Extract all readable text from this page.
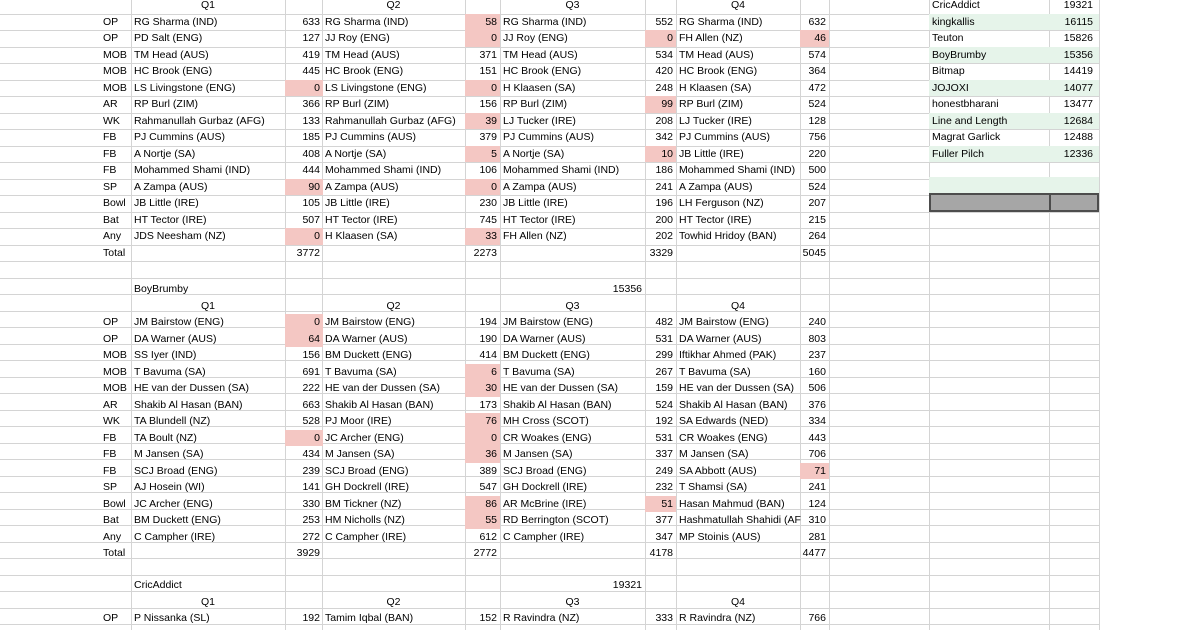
Q1	Q2	Q3	Q4
OP	RG Sharma (IND)	633 RG Sharma (IND)	58 RG Sharma (IND)	552 RG Sharma (IND)	632
OP	PD Salt (ENG)	127 JJ Roy (ENG)	0 JJ Roy (ENG)	0 FH Allen (NZ)	46
MOB TM Head (AUS)	419 TM Head (AUS)	371 TM Head (AUS)	534 TM Head (AUS)	574
MOB HC Brook (ENG)	445 HC Brook (ENG)	151 HC Brook (ENG)	420 HC Brook (ENG)	364
MOB LS Livingstone (ENG)	0 LS Livingstone (ENG)	0 H Klaasen (SA)	248 H Klaasen (SA)	472
AR	RP Burl (ZIM)	366 RP Burl (ZIM)	156 RP Burl (ZIM)	99 RP Burl (ZIM)	524
WK	Rahmanullah Gurbaz (AFG)	133 Rahmanullah Gurbaz (AFG)	39 LJ Tucker (IRE)	208 LJ Tucker (IRE)	128
FB	PJ Cummins (AUS)	185 PJ Cummins (AUS)	379 PJ Cummins (AUS)	342 PJ Cummins (AUS)	756
FB	A Nortje (SA)	408 A Nortje (SA)	5 A Nortje (SA)	10 JB Little (IRE)	220
FB	Mohammed Shami (IND)	444 Mohammed Shami (IND)	106 Mohammed Shami (IND)	186 Mohammed Shami (IND)	500
SP	A Zampa (AUS)	90 A Zampa (AUS)	0 A Zampa (AUS)	241 A Zampa (AUS)	524
Bowl JB Little (IRE)	105 JB Little (IRE)	230 JB Little (IRE)	196 LH Ferguson (NZ)	207
Bat	HT Tector (IRE)	507 HT Tector (IRE)	745 HT Tector (IRE)	200 HT Tector (IRE)	215
Any	JDS Neesham (NZ)	0 H Klaasen (SA)	33 FH Allen (NZ)	202 Towhid Hridoy (BAN)	264
Total	3772	2273	3329	5045
BoyBrumby	15356
Q1	Q2	Q3	Q4
OP	JM Bairstow (ENG)	0 JM Bairstow (ENG)	194 JM Bairstow (ENG)	482 JM Bairstow (ENG)	240
OP	DA Warner (AUS)	64 DA Warner (AUS)	190 DA Warner (AUS)	531 DA Warner (AUS)	803
MOB SS Iyer (IND)	156 BM Duckett (ENG)	414 BM Duckett (ENG)	299 Iftikhar Ahmed (PAK)	237
MOB T Bavuma (SA)	691 T Bavuma (SA)	6 T Bavuma (SA)	267 T Bavuma (SA)	160
MOB HE van der Dussen (SA)	222 HE van der Dussen (SA)	30 HE van der Dussen (SA)	159 HE van der Dussen (SA)	506
AR	Shakib Al Hasan (BAN)	663 Shakib Al Hasan (BAN)	173 Shakib Al Hasan (BAN)	524 Shakib Al Hasan (BAN)	376
WK	TA Blundell (NZ)	528 PJ Moor (IRE)	76 MH Cross (SCOT)	192 SA Edwards (NED)	334
FB	TA Boult (NZ)	0 JC Archer (ENG)	0 CR Woakes (ENG)	531 CR Woakes (ENG)	443
FB	M Jansen (SA)	434 M Jansen (SA)	36 M Jansen (SA)	337 M Jansen (SA)	706
FB	SCJ Broad (ENG)	239 SCJ Broad (ENG)	389 SCJ Broad (ENG)	249 SA Abbott (AUS)	71
SP	AJ Hosein (WI)	141 GH Dockrell (IRE)	547 GH Dockrell (IRE)	232 T Shamsi (SA)	241
Bowl JC Archer (ENG)	330 BM Tickner (NZ)	86 AR McBrine (IRE)	51 Hasan Mahmud (BAN)	124
Bat	BM Duckett (ENG)	253 HM Nicholls (NZ)	55 RD Berrington (SCOT)	377 Hashmatullah Shahidi (AF 310
Any	C Campher (IRE)	272 C Campher (IRE)	612 C Campher (IRE)	347 MP Stoinis (AUS)	281
Total	3929	2772	4178	4477
CricAddict	19321
Q1	Q2	Q3	Q4
OP	P Nissanka (SL)	192 Tamim Iqbal (BAN)	152 R Ravindra (NZ)	333 R Ravindra (NZ)	766
CricAddict	19321
kingkallis	16115
Teuton	15826
BoyBrumby	15356
Bitmap	14419
JOJOXI	14077
honestbharani	13477
Line and Length	12684
Magrat Garlick	12488
Fuller Pilch	12336
